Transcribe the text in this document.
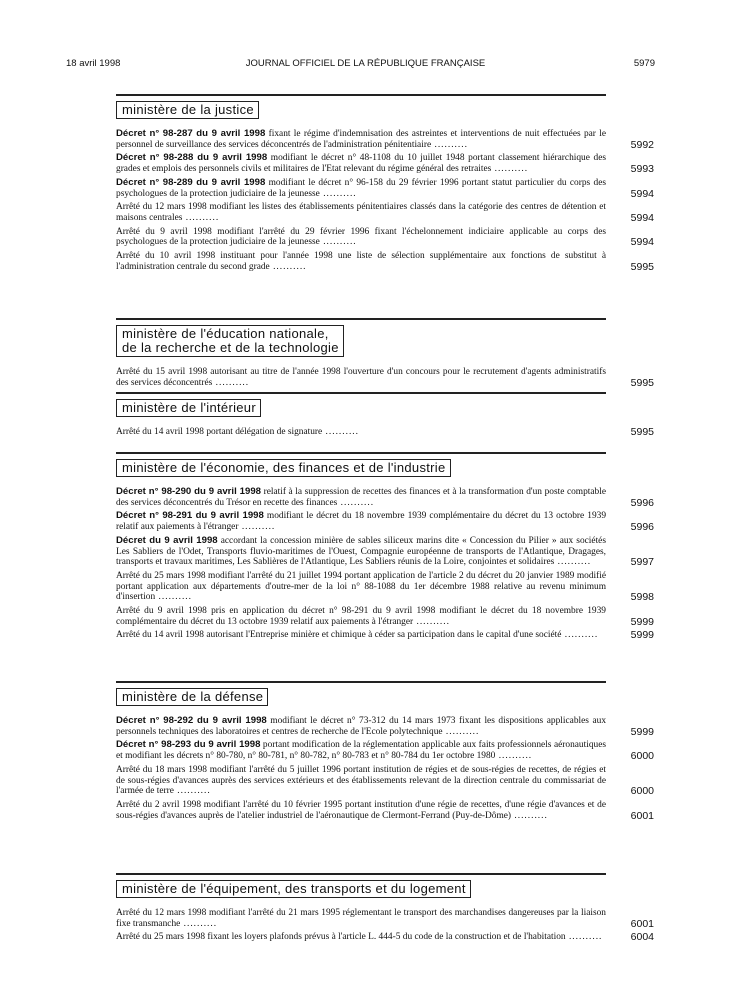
18 avril 1998	JOURNAL OFFICIEL DE LA RÉPUBLIQUE FRANÇAISE	5979
ministère de la justice
Décret n° 98-287 du 9 avril 1998 fixant le régime d'indemnisation des astreintes et interventions de nuit effectuées par le personnel de surveillance des services déconcentrés de l'administration pénitentiaire ..........	5992
Décret n° 98-288 du 9 avril 1998 modifiant le décret n° 48-1108 du 10 juillet 1948 portant classement hiérarchique des grades et emplois des personnels civils et militaires de l'Etat relevant du régime général des retraites ..........	5993
Décret n° 98-289 du 9 avril 1998 modifiant le décret n° 96-158 du 29 février 1996 portant statut particulier du corps des psychologues de la protection judiciaire de la jeunesse ..........	5994
Arrêté du 12 mars 1998 modifiant les listes des établissements pénitentiaires classés dans la catégorie des centres de détention et maisons centrales ..........	5994
Arrêté du 9 avril 1998 modifiant l'arrêté du 29 février 1996 fixant l'échelonnement indiciaire applicable au corps des psychologues de la protection judiciaire de la jeunesse ..........	5994
Arrêté du 10 avril 1998 instituant pour l'année 1998 une liste de sélection supplémentaire aux fonctions de substitut à l'administration centrale du second grade ..........	5995
ministère de l'éducation nationale,
de la recherche et de la technologie
Arrêté du 15 avril 1998 autorisant au titre de l'année 1998 l'ouverture d'un concours pour le recrutement d'agents administratifs des services déconcentrés ..........	5995
ministère de l'intérieur
Arrêté du 14 avril 1998 portant délégation de signature ..........	5995
ministère de l'économie, des finances et de l'industrie
Décret n° 98-290 du 9 avril 1998 relatif à la suppression de recettes des finances et à la transformation d'un poste comptable des services déconcentrés du Trésor en recette des finances ..........	5996
Décret n° 98-291 du 9 avril 1998 modifiant le décret du 18 novembre 1939 complémentaire du décret du 13 octobre 1939 relatif aux paiements à l'étranger ..........	5996
Décret du 9 avril 1998 accordant la concession minière de sables siliceux marins dite « Concession du Pilier » aux sociétés Les Sabliers de l'Odet, Transports fluvio-maritimes de l'Ouest, Compagnie européenne de transports de l'Atlantique, Dragages, transports et travaux maritimes, Les Sablières de l'Atlantique, Les Sabliers réunis de la Loire, conjointes et solidaires ..........	5997
Arrêté du 25 mars 1998 modifiant l'arrêté du 21 juillet 1994 portant application de l'article 2 du décret du 20 janvier 1989 modifié portant application aux départements d'outre-mer de la loi n° 88-1088 du 1er décembre 1988 relative au revenu minimum d'insertion ..........	5998
Arrêté du 9 avril 1998 pris en application du décret n° 98-291 du 9 avril 1998 modifiant le décret du 18 novembre 1939 complémentaire du décret du 13 octobre 1939 relatif aux paiements à l'étranger ..........	5999
Arrêté du 14 avril 1998 autorisant l'Entreprise minière et chimique à céder sa participation dans le capital d'une société ..........	5999
ministère de la défense
Décret n° 98-292 du 9 avril 1998 modifiant le décret n° 73-312 du 14 mars 1973 fixant les dispositions applicables aux personnels techniques des laboratoires et centres de recherche de l'Ecole polytechnique ..........	5999
Décret n° 98-293 du 9 avril 1998 portant modification de la réglementation applicable aux faits professionnels aéronautiques et modifiant les décrets n° 80-780, n° 80-781, n° 80-782, n° 80-783 et n° 80-784 du 1er octobre 1980 ..........	6000
Arrêté du 18 mars 1998 modifiant l'arrêté du 5 juillet 1996 portant institution de régies et de sous-régies de recettes, de régies et de sous-régies d'avances auprès des services extérieurs et des établissements relevant de la direction centrale du commissariat de l'armée de terre ..........	6000
Arrêté du 2 avril 1998 modifiant l'arrêté du 10 février 1995 portant institution d'une régie de recettes, d'une régie d'avances et de sous-régies d'avances auprès de l'atelier industriel de l'aéronautique de Clermont-Ferrand (Puy-de-Dôme) ..........	6001
ministère de l'équipement, des transports et du logement
Arrêté du 12 mars 1998 modifiant l'arrêté du 21 mars 1995 réglementant le transport des marchandises dangereuses par la liaison fixe transmanche ..........	6001
Arrêté du 25 mars 1998 fixant les loyers plafonds prévus à l'article L. 444-5 du code de la construction et de l'habitation ..........	6004
